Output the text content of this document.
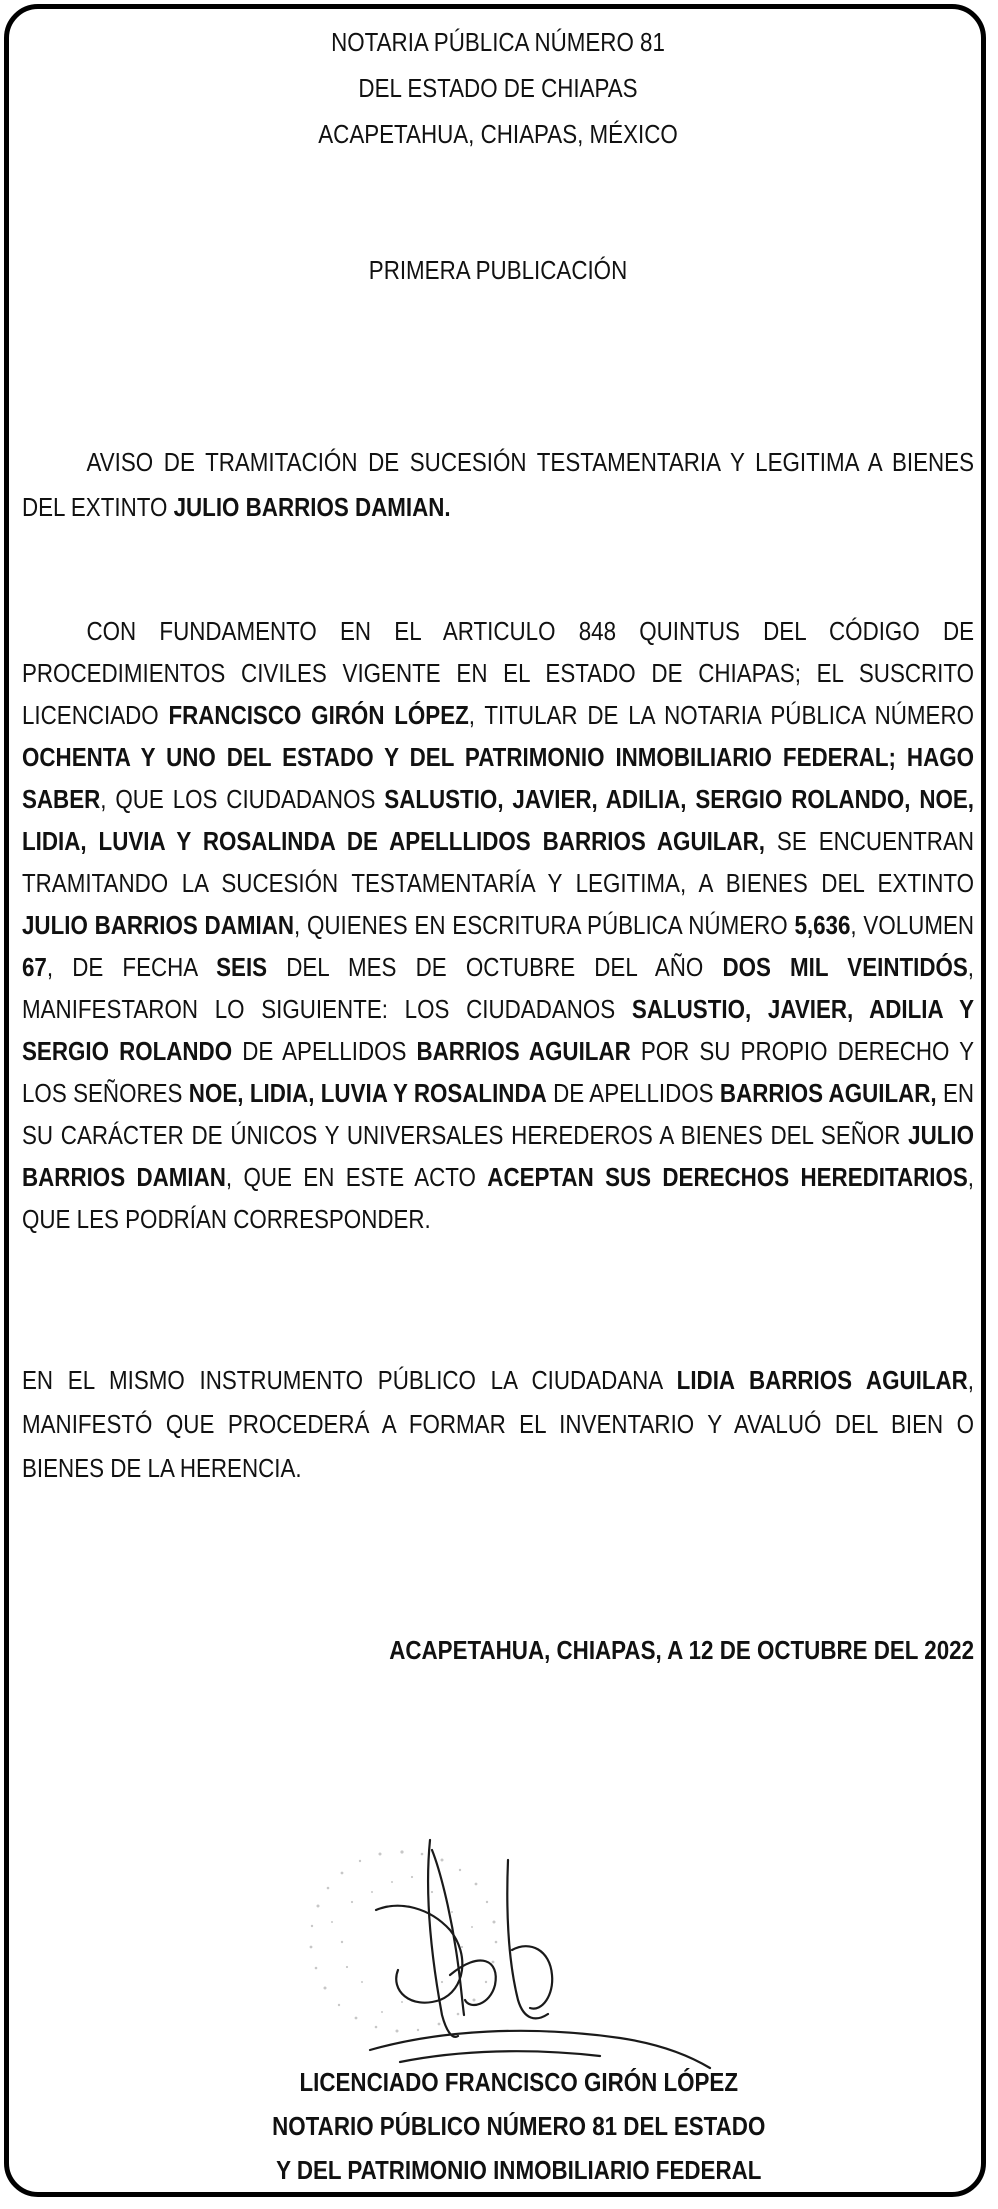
NOTARIA PÚBLICA NÚMERO 81
DEL ESTADO DE CHIAPAS
ACAPETAHUA, CHIAPAS, MÉXICO
PRIMERA PUBLICACIÓN
AVISO DE TRAMITACIÓN DE SUCESIÓN TESTAMENTARIA Y LEGITIMA A BIENES DEL EXTINTO JULIO BARRIOS DAMIAN.
CON FUNDAMENTO EN EL ARTICULO 848 QUINTUS DEL CÓDIGO DE PROCEDIMIENTOS CIVILES VIGENTE EN EL ESTADO DE CHIAPAS; EL SUSCRITO LICENCIADO FRANCISCO GIRÓN LÓPEZ, TITULAR DE LA NOTARIA PÚBLICA NÚMERO OCHENTA Y UNO DEL ESTADO Y DEL PATRIMONIO INMOBILIARIO FEDERAL; HAGO SABER, QUE LOS CIUDADANOS SALUSTIO, JAVIER, ADILIA, SERGIO ROLANDO, NOE, LIDIA, LUVIA Y ROSALINDA DE APELLLIDOS BARRIOS AGUILAR, SE ENCUENTRAN TRAMITANDO LA SUCESIÓN TESTAMENTARÍA Y LEGITIMA, A BIENES DEL EXTINTO JULIO BARRIOS DAMIAN, QUIENES EN ESCRITURA PÚBLICA NÚMERO 5,636, VOLUMEN 67, DE FECHA SEIS DEL MES DE OCTUBRE DEL AÑO DOS MIL VEINTIDÓS, MANIFESTARON LO SIGUIENTE: LOS CIUDADANOS SALUSTIO, JAVIER, ADILIA Y SERGIO ROLANDO DE APELLIDOS BARRIOS AGUILAR POR SU PROPIO DERECHO Y LOS SEÑORES NOE, LIDIA, LUVIA Y ROSALINDA DE APELLIDOS BARRIOS AGUILAR, EN SU CARÁCTER DE ÚNICOS Y UNIVERSALES HEREDEROS A BIENES DEL SEÑOR JULIO BARRIOS DAMIAN, QUE EN ESTE ACTO ACEPTAN SUS DERECHOS HEREDITARIOS, QUE LES PODRÍAN CORRESPONDER.
EN EL MISMO INSTRUMENTO PÚBLICO LA CIUDADANA LIDIA BARRIOS AGUILAR, MANIFESTÓ QUE PROCEDERÁ A FORMAR EL INVENTARIO Y AVALUÓ DEL BIEN O BIENES DE LA HERENCIA.
ACAPETAHUA, CHIAPAS, A 12 DE OCTUBRE DEL 2022
LICENCIADO FRANCISCO GIRÓN LÓPEZ
NOTARIO PÚBLICO NÚMERO 81 DEL ESTADO
Y DEL PATRIMONIO INMOBILIARIO FEDERAL
